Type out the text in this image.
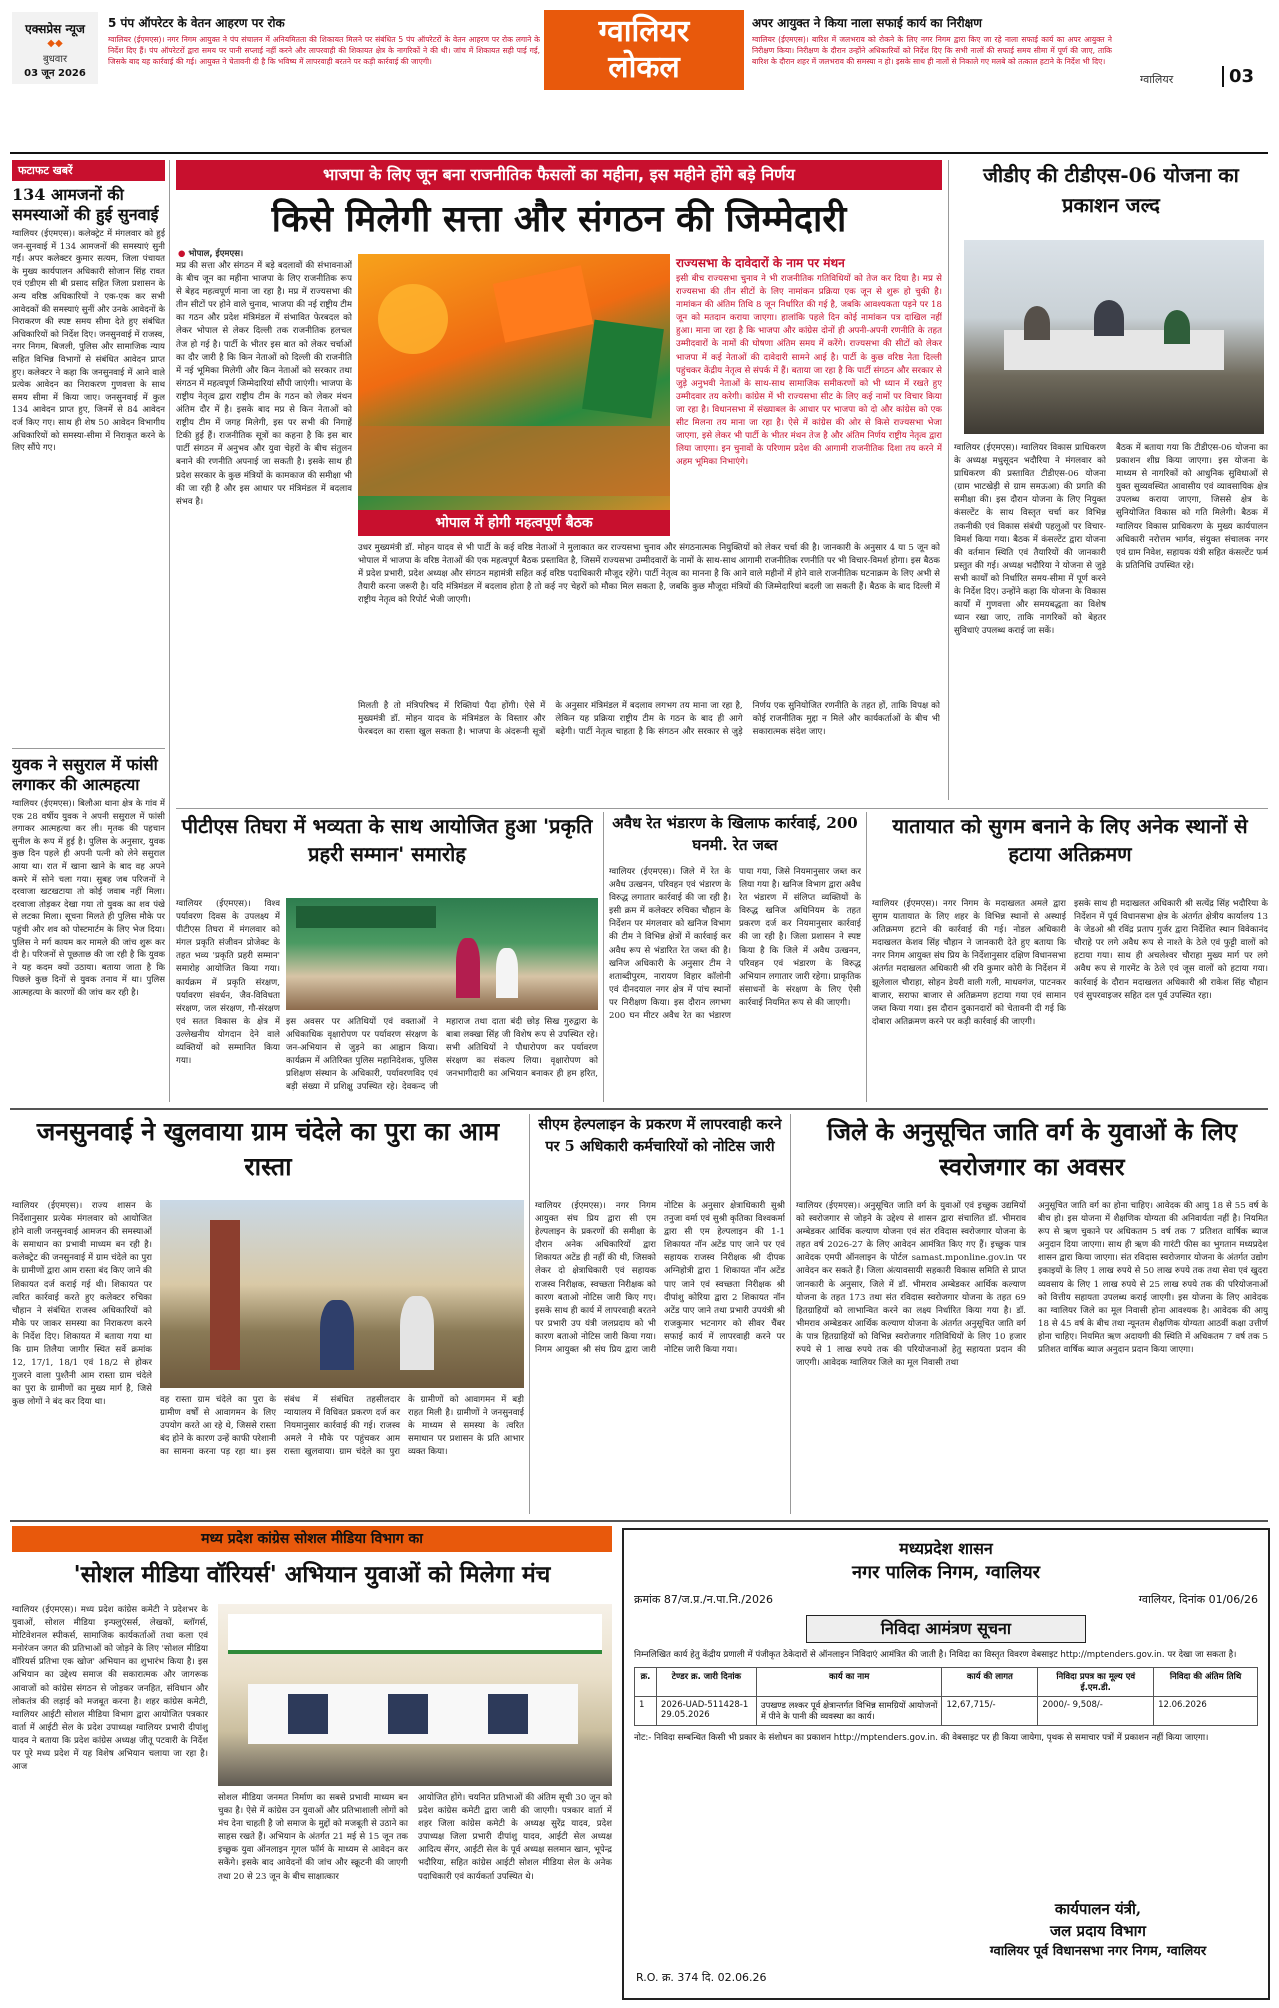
एक्सप्रेस न्यूज
◆◆
बुधवार
03 जून 2026
5 पंप ऑपरेटर के वेतन आहरण पर रोक
ग्वालियर (ईएमएस)। नगर निगम आयुक्त ने पंप संचालन में अनियमितता की शिकायत मिलने पर संबंधित 5 पंप ऑपरेटरों के वेतन आहरण पर रोक लगाने के निर्देश दिए हैं। पंप ऑपरेटरों द्वारा समय पर पानी सप्लाई नहीं करने और लापरवाही की शिकायत क्षेत्र के नागरिकों ने की थी। जांच में शिकायत सही पाई गई, जिसके बाद यह कार्रवाई की गई। आयुक्त ने चेतावनी दी है कि भविष्य में लापरवाही बरतने पर कड़ी कार्रवाई की जाएगी।
ग्वालियर लोकल
अपर आयुक्त ने किया नाला सफाई कार्य का निरीक्षण
ग्वालियर (ईएमएस)। बारिश में जलभराव को रोकने के लिए नगर निगम द्वारा किए जा रहे नाला सफाई कार्य का अपर आयुक्त ने निरीक्षण किया। निरीक्षण के दौरान उन्होंने अधिकारियों को निर्देश दिए कि सभी नालों की सफाई समय सीमा में पूर्ण की जाए, ताकि बारिश के दौरान शहर में जलभराव की समस्या न हो। इसके साथ ही नालों से निकाले गए मलबे को तत्काल हटाने के निर्देश भी दिए।
ग्वालियर	03
फटाफट खबरें
134 आमजनों की समस्याओं की हुई सुनवाई
ग्वालियर (ईएमएस)। कलेक्ट्रेट में मंगलवार को हुई जन-सुनवाई में 134 आमजनों की समस्याएं सुनी गईं। अपर कलेक्टर कुमार सत्यम, जिला पंचायत के मुख्य कार्यपालन अधिकारी सोजान सिंह रावत एवं एडीएम सी बी प्रसाद सहित जिला प्रशासन के अन्य वरिष्ठ अधिकारियों ने एक-एक कर सभी आवेदकों की समस्याएं सुनीं और उनके आवेदनों के निराकरण की स्पष्ट समय सीमा देते हुए संबंधित अधिकारियों को निर्देश दिए। जनसुनवाई में राजस्व, नगर निगम, बिजली, पुलिस और सामाजिक न्याय सहित विभिन्न विभागों से संबंधित आवेदन प्राप्त हुए। कलेक्टर ने कहा कि जनसुनवाई में आने वाले प्रत्येक आवेदन का निराकरण गुणवत्ता के साथ समय सीमा में किया जाए। जनसुनवाई में कुल 134 आवेदन प्राप्त हुए, जिनमें से 84 आवेदन दर्ज किए गए। साथ ही शेष 50 आवेदन विभागीय अधिकारियों को समस्या-सीमा में निराकृत करने के लिए सौंपे गए।
युवक ने ससुराल में फांसी लगाकर की आत्महत्या
ग्वालियर (ईएमएस)। बिलौआ थाना क्षेत्र के गांव में एक 28 वर्षीय युवक ने अपनी ससुराल में फांसी लगाकर आत्महत्या कर ली। मृतक की पहचान सुनील के रूप में हुई है। पुलिस के अनुसार, युवक कुछ दिन पहले ही अपनी पत्नी को लेने ससुराल आया था। रात में खाना खाने के बाद वह अपने कमरे में सोने चला गया। सुबह जब परिजनों ने दरवाजा खटखटाया तो कोई जवाब नहीं मिला। दरवाजा तोड़कर देखा गया तो युवक का शव पंखे से लटका मिला। सूचना मिलते ही पुलिस मौके पर पहुंची और शव को पोस्टमार्टम के लिए भेज दिया। पुलिस ने मर्ग कायम कर मामले की जांच शुरू कर दी है। परिजनों से पूछताछ की जा रही है कि युवक ने यह कदम क्यों उठाया। बताया जाता है कि पिछले कुछ दिनों से युवक तनाव में था। पुलिस आत्महत्या के कारणों की जांच कर रही है।
भाजपा के लिए जून बना राजनीतिक फैसलों का महीना, इस महीने होंगे बड़े निर्णय
किसे मिलेगी सत्ता और संगठन की जिम्मेदारी
● भोपाल, ईएमएस।
मप्र की सत्ता और संगठन में बड़े बदलावों की संभावनाओं के बीच जून का महीना भाजपा के लिए राजनीतिक रूप से बेहद महत्वपूर्ण माना जा रहा है। मप्र में राज्यसभा की तीन सीटों पर होने वाले चुनाव, भाजपा की नई राष्ट्रीय टीम का गठन और प्रदेश मंत्रिमंडल में संभावित फेरबदल को लेकर भोपाल से लेकर दिल्ली तक राजनीतिक हलचल तेज हो गई है। पार्टी के भीतर इस बात को लेकर चर्चाओं का दौर जारी है कि किन नेताओं को दिल्ली की राजनीति में नई भूमिका मिलेगी और किन नेताओं को सरकार तथा संगठन में महत्वपूर्ण जिम्मेदारियां सौंपी जाएंगी। भाजपा के राष्ट्रीय नेतृत्व द्वारा राष्ट्रीय टीम के गठन को लेकर मंथन अंतिम दौर में है। इसके बाद मप्र से किन नेताओं को राष्ट्रीय टीम में जगह मिलेगी, इस पर सभी की निगाहें टिकी हुई हैं। राजनीतिक सूत्रों का कहना है कि इस बार पार्टी संगठन में अनुभव और युवा चेहरों के बीच संतुलन बनाने की रणनीति अपनाई जा सकती है। इसके साथ ही प्रदेश सरकार के कुछ मंत्रियों के कामकाज की समीक्षा भी की जा रही है और इस आधार पर मंत्रिमंडल में बदलाव संभव है।
भोपाल में होगी महत्वपूर्ण बैठक
उधर मुख्यमंत्री डॉ. मोहन यादव से भी पार्टी के कई वरिष्ठ नेताओं ने मुलाकात कर राज्यसभा चुनाव और संगठनात्मक नियुक्तियों को लेकर चर्चा की है। जानकारी के अनुसार 4 या 5 जून को भोपाल में भाजपा के वरिष्ठ नेताओं की एक महत्वपूर्ण बैठक प्रस्तावित है, जिसमें राज्यसभा उम्मीदवारों के नामों के साथ-साथ आगामी राजनीतिक रणनीति पर भी विचार-विमर्श होगा। इस बैठक में प्रदेश प्रभारी, प्रदेश अध्यक्ष और संगठन महामंत्री सहित कई वरिष्ठ पदाधिकारी मौजूद रहेंगे। पार्टी नेतृत्व का मानना है कि आने वाले महीनों में होने वाले राजनीतिक घटनाक्रम के लिए अभी से तैयारी करना जरूरी है। यदि मंत्रिमंडल में बदलाव होता है तो कई नए चेहरों को मौका मिल सकता है, जबकि कुछ मौजूदा मंत्रियों की जिम्मेदारियां बदली जा सकती हैं। बैठक के बाद दिल्ली में राष्ट्रीय नेतृत्व को रिपोर्ट भेजी जाएगी।
राज्यसभा के दावेदारों के नाम पर मंथन
इसी बीच राज्यसभा चुनाव ने भी राजनीतिक गतिविधियों को तेज कर दिया है। मप्र से राज्यसभा की तीन सीटों के लिए नामांकन प्रक्रिया एक जून से शुरू हो चुकी है। नामांकन की अंतिम तिथि 8 जून निर्धारित की गई है, जबकि आवश्यकता पड़ने पर 18 जून को मतदान कराया जाएगा। हालांकि पहले दिन कोई नामांकन पत्र दाखिल नहीं हुआ। माना जा रहा है कि भाजपा और कांग्रेस दोनों ही अपनी-अपनी रणनीति के तहत उम्मीदवारों के नामों की घोषणा अंतिम समय में करेंगे। राज्यसभा की सीटों को लेकर भाजपा में कई नेताओं की दावेदारी सामने आई है। पार्टी के कुछ वरिष्ठ नेता दिल्ली पहुंचकर केंद्रीय नेतृत्व से संपर्क में हैं। बताया जा रहा है कि पार्टी संगठन और सरकार से जुड़े अनुभवी नेताओं के साथ-साथ सामाजिक समीकरणों को भी ध्यान में रखते हुए उम्मीदवार तय करेगी। कांग्रेस में भी राज्यसभा सीट के लिए कई नामों पर विचार किया जा रहा है। विधानसभा में संख्याबल के आधार पर भाजपा को दो और कांग्रेस को एक सीट मिलना तय माना जा रहा है। ऐसे में कांग्रेस की ओर से किसे राज्यसभा भेजा जाएगा, इसे लेकर भी पार्टी के भीतर मंथन तेज है और अंतिम निर्णय राष्ट्रीय नेतृत्व द्वारा लिया जाएगा। इन चुनावों के परिणाम प्रदेश की आगामी राजनीतिक दिशा तय करने में अहम भूमिका निभाएंगे।
मिलती है तो मंत्रिपरिषद में रिक्तियां पैदा होंगी। ऐसे में मुख्यमंत्री डॉ. मोहन यादव के मंत्रिमंडल के विस्तार और फेरबदल का रास्ता खुल सकता है। भाजपा के अंदरूनी सूत्रों के अनुसार मंत्रिमंडल में बदलाव लगभग तय माना जा रहा है, लेकिन यह प्रक्रिया राष्ट्रीय टीम के गठन के बाद ही आगे बढ़ेगी। पार्टी नेतृत्व चाहता है कि संगठन और सरकार से जुड़े निर्णय एक सुनियोजित रणनीति के तहत हों, ताकि विपक्ष को कोई राजनीतिक मुद्दा न मिले और कार्यकर्ताओं के बीच भी सकारात्मक संदेश जाए।
जीडीए की टीडीएस-06 योजना का प्रकाशन जल्द
ग्वालियर (ईएमएस)। ग्वालियर विकास प्राधिकरण के अध्यक्ष मधुसूदन भदौरिया ने मंगलवार को प्राधिकरण की प्रस्तावित टीडीएस-06 योजना (ग्राम भाटखेड़ी से ग्राम समऊआ) की प्रगति की समीक्षा की। इस दौरान योजना के लिए नियुक्त कंसल्टेंट के साथ विस्तृत चर्चा कर विभिन्न तकनीकी एवं विकास संबंधी पहलुओं पर विचार-विमर्श किया गया। बैठक में कंसल्टेंट द्वारा योजना की वर्तमान स्थिति एवं तैयारियों की जानकारी प्रस्तुत की गई। अध्यक्ष भदौरिया ने योजना से जुड़े सभी कार्यों को निर्धारित समय-सीमा में पूर्ण करने के निर्देश दिए। उन्होंने कहा कि योजना के विकास कार्यों में गुणवत्ता और समयबद्धता का विशेष ध्यान रखा जाए, ताकि नागरिकों को बेहतर सुविधाएं उपलब्ध कराई जा सकें।
बैठक में बताया गया कि टीडीएस-06 योजना का प्रकाशन शीघ्र किया जाएगा। इस योजना के माध्यम से नागरिकों को आधुनिक सुविधाओं से युक्त सुव्यवस्थित आवासीय एवं व्यावसायिक क्षेत्र उपलब्ध कराया जाएगा, जिससे क्षेत्र के सुनियोजित विकास को गति मिलेगी। बैठक में ग्वालियर विकास प्राधिकरण के मुख्य कार्यपालन अधिकारी नरोत्तम भार्गव, संयुक्त संचालक नगर एवं ग्राम निवेश, सहायक यंत्री सहित कंसल्टेंट फर्म के प्रतिनिधि उपस्थित रहे।
पीटीएस तिघरा में भव्यता के साथ आयोजित हुआ 'प्रकृति प्रहरी सम्मान' समारोह
ग्वालियर (ईएमएस)। विश्व पर्यावरण दिवस के उपलक्ष्य में पीटीएस तिघरा में मंगलवार को मंगल प्रकृति संजीवन प्रोजेक्ट के तहत भव्य 'प्रकृति प्रहरी सम्मान' समारोह आयोजित किया गया। कार्यक्रम में प्रकृति संरक्षण, पर्यावरण संवर्धन, जैव-विविधता संरक्षण, जल संरक्षण, गौ-संरक्षण एवं सतत विकास के क्षेत्र में उल्लेखनीय योगदान देने वाले व्यक्तियों को सम्मानित किया गया।
इस अवसर पर अतिथियों एवं वक्ताओं ने अधिकाधिक वृक्षारोपण पर पर्यावरण संरक्षण के जन-अभियान से जुड़ने का आह्वान किया। कार्यक्रम में अतिरिक्त पुलिस महानिदेशक, पुलिस प्रशिक्षण संस्थान के अधिकारी, पर्यावरणविद एवं बड़ी संख्या में प्रशिक्षु उपस्थित रहे। देवकन्द जी महाराज तथा दाता बंदी छोड़ सिख गुरुद्वारा के बाबा लक्खा सिंह जी विशेष रूप से उपस्थित रहे। सभी अतिथियों ने पौधारोपण कर पर्यावरण संरक्षण का संकल्प लिया। वृक्षारोपण को जनभागीदारी का अभियान बनाकर ही हम हरित,
अवैध रेत भंडारण के खिलाफ कार्रवाई, 200 घनमी. रेत जब्त
ग्वालियर (ईएमएस)। जिले में रेत के अवैध उत्खनन, परिवहन एवं भंडारण के विरुद्ध लगातार कार्रवाई की जा रही है। इसी क्रम में कलेक्टर रुचिका चौहान के निर्देशन पर मंगलवार को खनिज विभाग की टीम ने विभिन्न क्षेत्रों में कार्रवाई कर अवैध रूप से भंडारित रेत जब्त की है। खनिज अधिकारी के अनुसार टीम ने शताब्दीपुरम, नारायण विहार कॉलोनी एवं दीनदयाल नगर क्षेत्र में पांच स्थानों पर निरीक्षण किया। इस दौरान लगभग 200 घन मीटर अवैध रेत का भंडारण पाया गया, जिसे नियमानुसार जब्त कर लिया गया है। खनिज विभाग द्वारा अवैध रेत भंडारण में संलिप्त व्यक्तियों के विरुद्ध खनिज अधिनियम के तहत प्रकरण दर्ज कर नियमानुसार कार्रवाई की जा रही है। जिला प्रशासन ने स्पष्ट किया है कि जिले में अवैध उत्खनन, परिवहन एवं भंडारण के विरुद्ध अभियान लगातार जारी रहेगा। प्राकृतिक संसाधनों के संरक्षण के लिए ऐसी कार्रवाई नियमित रूप से की जाएगी।
यातायात को सुगम बनाने के लिए अनेक स्थानों से हटाया अतिक्रमण
ग्वालियर (ईएमएस)। नगर निगम के मदाखलत अमले द्वारा सुगम यातायात के लिए शहर के विभिन्न स्थानों से अस्थाई अतिक्रमण हटाने की कार्रवाई की गई। नोडल अधिकारी मदाखलत केशव सिंह चौहान ने जानकारी देते हुए बताया कि नगर निगम आयुक्त संघ प्रिय के निर्देशानुसार दक्षिण विधानसभा अंतर्गत मदाखलत अधिकारी श्री रवि कुमार कोरी के निर्देशन में झूलेलाल चौराहा, सोहन डेयरी वाली गली, माधवगंज, पाटनकर बाजार, सराफा बाजार से अतिक्रमण हटाया गया एवं सामान जब्त किया गया। इस दौरान दुकानदारों को चेतावनी दी गई कि दोबारा अतिक्रमण करने पर कड़ी कार्रवाई की जाएगी।
इसके साथ ही मदाखलत अधिकारी श्री सत्येंद्र सिंह भदौरिया के निर्देशन में पूर्व विधानसभा क्षेत्र के अंतर्गत क्षेत्रीय कार्यालय 13 के जेडओ श्री रविंद्र प्रताप गुर्जर द्वारा निर्देशित स्थान विवेकानंद चौराहे पर लगे अवैध रूप से नाश्ते के ठेले एवं फुट्टी वालों को हटाया गया। साथ ही अचलेश्वर चौराहा मुख्य मार्ग पर लगे अवैध रूप से गारमेंट के ठेले एवं जूस वालों को हटाया गया। कार्रवाई के दौरान मदाखलत अधिकारी श्री राकेश सिंह चौहान एवं सुपरवाइजर सहित दल पूर्व उपस्थित रहा।
जनसुनवाई ने खुलवाया ग्राम चंदेले का पुरा का आम रास्ता
ग्वालियर (ईएमएस)। राज्य शासन के निर्देशानुसार प्रत्येक मंगलवार को आयोजित होने वाली जनसुनवाई आमजन की समस्याओं के समाधान का प्रभावी माध्यम बन रही है। कलेक्ट्रेट की जनसुनवाई में ग्राम चंदेले का पुरा के ग्रामीणों द्वारा आम रास्ता बंद किए जाने की शिकायत दर्ज कराई गई थी। शिकायत पर त्वरित कार्रवाई करते हुए कलेक्टर रुचिका चौहान ने संबंधित राजस्व अधिकारियों को मौके पर जाकर समस्या का निराकरण करने के निर्देश दिए। शिकायत में बताया गया था कि ग्राम तिलैया जागीर स्थित सर्वे क्रमांक 12, 17/1, 18/1 एवं 18/2 से होकर गुजरने वाला पुश्तैनी आम रास्ता ग्राम चंदेले का पुरा के ग्रामीणों का मुख्य मार्ग है, जिसे कुछ लोगों ने बंद कर दिया था।	वह रास्ता ग्राम चंदेले का पुरा के ग्रामीण वर्षों से आवागमन के लिए उपयोग करते आ रहे थे, जिससे रास्ता बंद होने के कारण उन्हें काफी परेशानी का सामना करना पड़ रहा था। इस संबंध में संबंधित तहसीलदार न्यायालय में विधिवत प्रकरण दर्ज कर नियमानुसार कार्रवाई की गई। राजस्व अमले ने मौके पर पहुंचकर आम रास्ता खुलवाया। ग्राम चंदेले का पुरा के ग्रामीणों को आवागमन में बड़ी राहत मिली है। ग्रामीणों ने जनसुनवाई के माध्यम से समस्या के त्वरित समाधान पर प्रशासन के प्रति आभार व्यक्त किया।
सीएम हेल्पलाइन के प्रकरण में लापरवाही करने पर 5 अधिकारी कर्मचारियों को नोटिस जारी
ग्वालियर (ईएमएस)। नगर निगम आयुक्त संघ प्रिय द्वारा सी एम हेल्पलाइन के प्रकरणों की समीक्षा के दौरान अनेक अधिकारियों द्वारा शिकायत अटेंड ही नहीं की थी, जिसको लेकर दो क्षेत्राधिकारी एवं सहायक राजस्व निरीक्षक, स्वच्छता निरीक्षक को कारण बताओ नोटिस जारी किए गए। इसके साथ ही कार्य में लापरवाही बरतने पर प्रभारी उप यंत्री जलप्रदाय को भी कारण बताओ नोटिस जारी किया गया। निगम आयुक्त श्री संघ प्रिय द्वारा जारी नोटिस के अनुसार क्षेत्राधिकारी सुश्री तनुजा वर्मा एवं सुश्री कृतिका विश्वकर्मा द्वारा सी एम हेल्पलाइन की 1-1 शिकायत नॉन अटेंड पाए जाने पर एवं सहायक राजस्व निरीक्षक श्री दीपक अग्निहोत्री द्वारा 1 शिकायत नॉन अटेंड पाए जाने एवं स्वच्छता निरीक्षक श्री दीपांशु कोरिया द्वारा 2 शिकायत नॉन अटेंड पाए जाने तथा प्रभारी उपयंत्री श्री राजकुमार भटनागर को सीवर चैंबर सफाई कार्य में लापरवाही करने पर नोटिस जारी किया गया।
जिले के अनुसूचित जाति वर्ग के युवाओं के लिए स्वरोजगार का अवसर
ग्वालियर (ईएमएस)। अनुसूचित जाति वर्ग के युवाओं एवं इच्छुक उद्यमियों को स्वरोजगार से जोड़ने के उद्देश्य से शासन द्वारा संचालित डॉ. भीमराव अम्बेडकर आर्थिक कल्याण योजना एवं संत रविदास स्वरोजगार योजना के तहत वर्ष 2026-27 के लिए आवेदन आमंत्रित किए गए हैं। इच्छुक पात्र आवेदक एमपी ऑनलाइन के पोर्टल samast.mponline.gov.in पर आवेदन कर सकते हैं। जिला अंत्यावसायी सहकारी विकास समिति से प्राप्त जानकारी के अनुसार, जिले में डॉ. भीमराव अम्बेडकर आर्थिक कल्याण योजना के तहत 173 तथा संत रविदास स्वरोजगार योजना के तहत 69 हितग्राहियों को लाभान्वित करने का लक्ष्य निर्धारित किया गया है। डॉ. भीमराव अम्बेडकर आर्थिक कल्याण योजना के अंतर्गत अनुसूचित जाति वर्ग के पात्र हितग्राहियों को विभिन्न स्वरोजगार गतिविधियों के लिए 10 हजार रुपये से 1 लाख रुपये तक की परियोजनाओं हेतु सहायता प्रदान की जाएगी। आवेदक ग्वालियर जिले का मूल निवासी तथा
अनुसूचित जाति वर्ग का होना चाहिए। आवेदक की आयु 18 से 55 वर्ष के बीच हो। इस योजना में शैक्षणिक योग्यता की अनिवार्यता नहीं है। नियमित रूप से ऋण चुकाने पर अधिकतम 5 वर्ष तक 7 प्रतिशत वार्षिक ब्याज अनुदान दिया जाएगा। साथ ही ऋण की गारंटी फीस का भुगतान मध्यप्रदेश शासन द्वारा किया जाएगा। संत रविदास स्वरोजगार योजना के अंतर्गत उद्योग इकाइयों के लिए 1 लाख रुपये से 50 लाख रुपये तक तथा सेवा एवं खुदरा व्यवसाय के लिए 1 लाख रुपये से 25 लाख रुपये तक की परियोजनाओं को वित्तीय सहायता उपलब्ध कराई जाएगी। इस योजना के लिए आवेदक का ग्वालियर जिले का मूल निवासी होना आवश्यक है। आवेदक की आयु 18 से 45 वर्ष के बीच तथा न्यूनतम शैक्षणिक योग्यता आठवीं कक्षा उत्तीर्ण होना चाहिए। नियमित ऋण अदायगी की स्थिति में अधिकतम 7 वर्ष तक 5 प्रतिशत वार्षिक ब्याज अनुदान प्रदान किया जाएगा।
मध्य प्रदेश कांग्रेस सोशल मीडिया विभाग का
'सोशल मीडिया वॉरियर्स' अभियान युवाओं को मिलेगा मंच
ग्वालियर (ईएमएस)। मध्य प्रदेश कांग्रेस कमेटी ने प्रदेशभर के युवाओं, सोशल मीडिया इन्फ्लुएंसर्स, लेखकों, ब्लॉगर्स, मोटिवेशनल स्पीकर्स, सामाजिक कार्यकर्ताओं तथा कला एवं मनोरंजन जगत की प्रतिभाओं को जोड़ने के लिए 'सोशल मीडिया वॉरियर्स प्रतिभा एक खोज' अभियान का शुभारंभ किया है। इस अभियान का उद्देश्य समाज की सकारात्मक और जागरूक आवाजों को कांग्रेस संगठन से जोड़कर जनहित, संविधान और लोकतंत्र की लड़ाई को मजबूत करना है। शहर कांग्रेस कमेटी, ग्वालियर आईटी सोशल मीडिया विभाग द्वारा आयोजित पत्रकार वार्ता में आईटी सेल के प्रदेश उपाध्यक्ष ग्वालियर प्रभारी दीपांशु यादव ने बताया कि प्रदेश कांग्रेस अध्यक्ष जीतू पटवारी के निर्देश पर पूरे मध्य प्रदेश में यह विशेष अभियान चलाया जा रहा है। आज
सोशल मीडिया जनमत निर्माण का सबसे प्रभावी माध्यम बन चुका है। ऐसे में कांग्रेस उन युवाओं और प्रतिभाशाली लोगों को मंच देना चाहती है जो समाज के मुद्दों को मजबूती से उठाने का साहस रखते हैं। अभियान के अंतर्गत 21 मई से 15 जून तक इच्छुक युवा ऑनलाइन गूगल फॉर्म के माध्यम से आवेदन कर सकेंगे। इसके बाद आवेदनों की जांच और स्क्रूटनी की जाएगी तथा 20 से 23 जून के बीच साक्षात्कार
आयोजित होंगे। चयनित प्रतिभाओं की अंतिम सूची 30 जून को प्रदेश कांग्रेस कमेटी द्वारा जारी की जाएगी। पत्रकार वार्ता में शहर जिला कांग्रेस कमेटी के अध्यक्ष सुरेंद्र यादव, प्रदेश उपाध्यक्ष जिला प्रभारी दीपांशु यादव, आईटी सेल अध्यक्ष आदित्य सेंगर, आईटी सेल के पूर्व अध्यक्ष सलमान खान, भूपेन्द्र भदौरिया, सहित कांग्रेस आईटी सोशल मीडिया सेल के अनेक पदाधिकारी एवं कार्यकर्ता उपस्थित थे।
मध्यप्रदेश शासन
नगर पालिक निगम, ग्वालियर
क्रमांक 87/ज.प्र./न.पा.नि./2026	ग्वालियर, दिनांक 01/06/26
निविदा आमंत्रण सूचना
निम्नलिखित कार्य हेतु केंद्रीय प्रणाली में पंजीकृत ठेकेदारों से ऑनलाइन निविदाएं आमंत्रित की जाती है। निविदा का विस्तृत विवरण वेबसाइट http://mptenders.gov.in. पर देखा जा सकता है।
क्र.	टेण्डर क्र. जारी दिनांक	कार्य का नाम	कार्य की लागत	निविदा प्रपत्र का मूल्य एवं ई.एम.डी.	निविदा की अंतिम तिथि
1	2026-UAD-511428-1 29.05.2026	उपखण्ड लश्कर पूर्व क्षेत्रान्तर्गत विभिन्न सामग्रियों आयोजनों में पीने के पानी की व्यवस्था का कार्य।	12,67,715/-	2000/- 9,508/-	12.06.2026
नोट:- निविदा सम्बन्धित किसी भी प्रकार के संशोधन का प्रकाशन http://mptenders.gov.in. की वेबसाइट पर ही किया जायेगा, पृथक से समाचार पत्रों में प्रकाशन नहीं किया जाएगा।
कार्यपालन यंत्री,
जल प्रदाय विभाग
ग्वालियर पूर्व विधानसभा नगर निगम, ग्वालियर
R.O. क्र. 374 दि. 02.06.26
